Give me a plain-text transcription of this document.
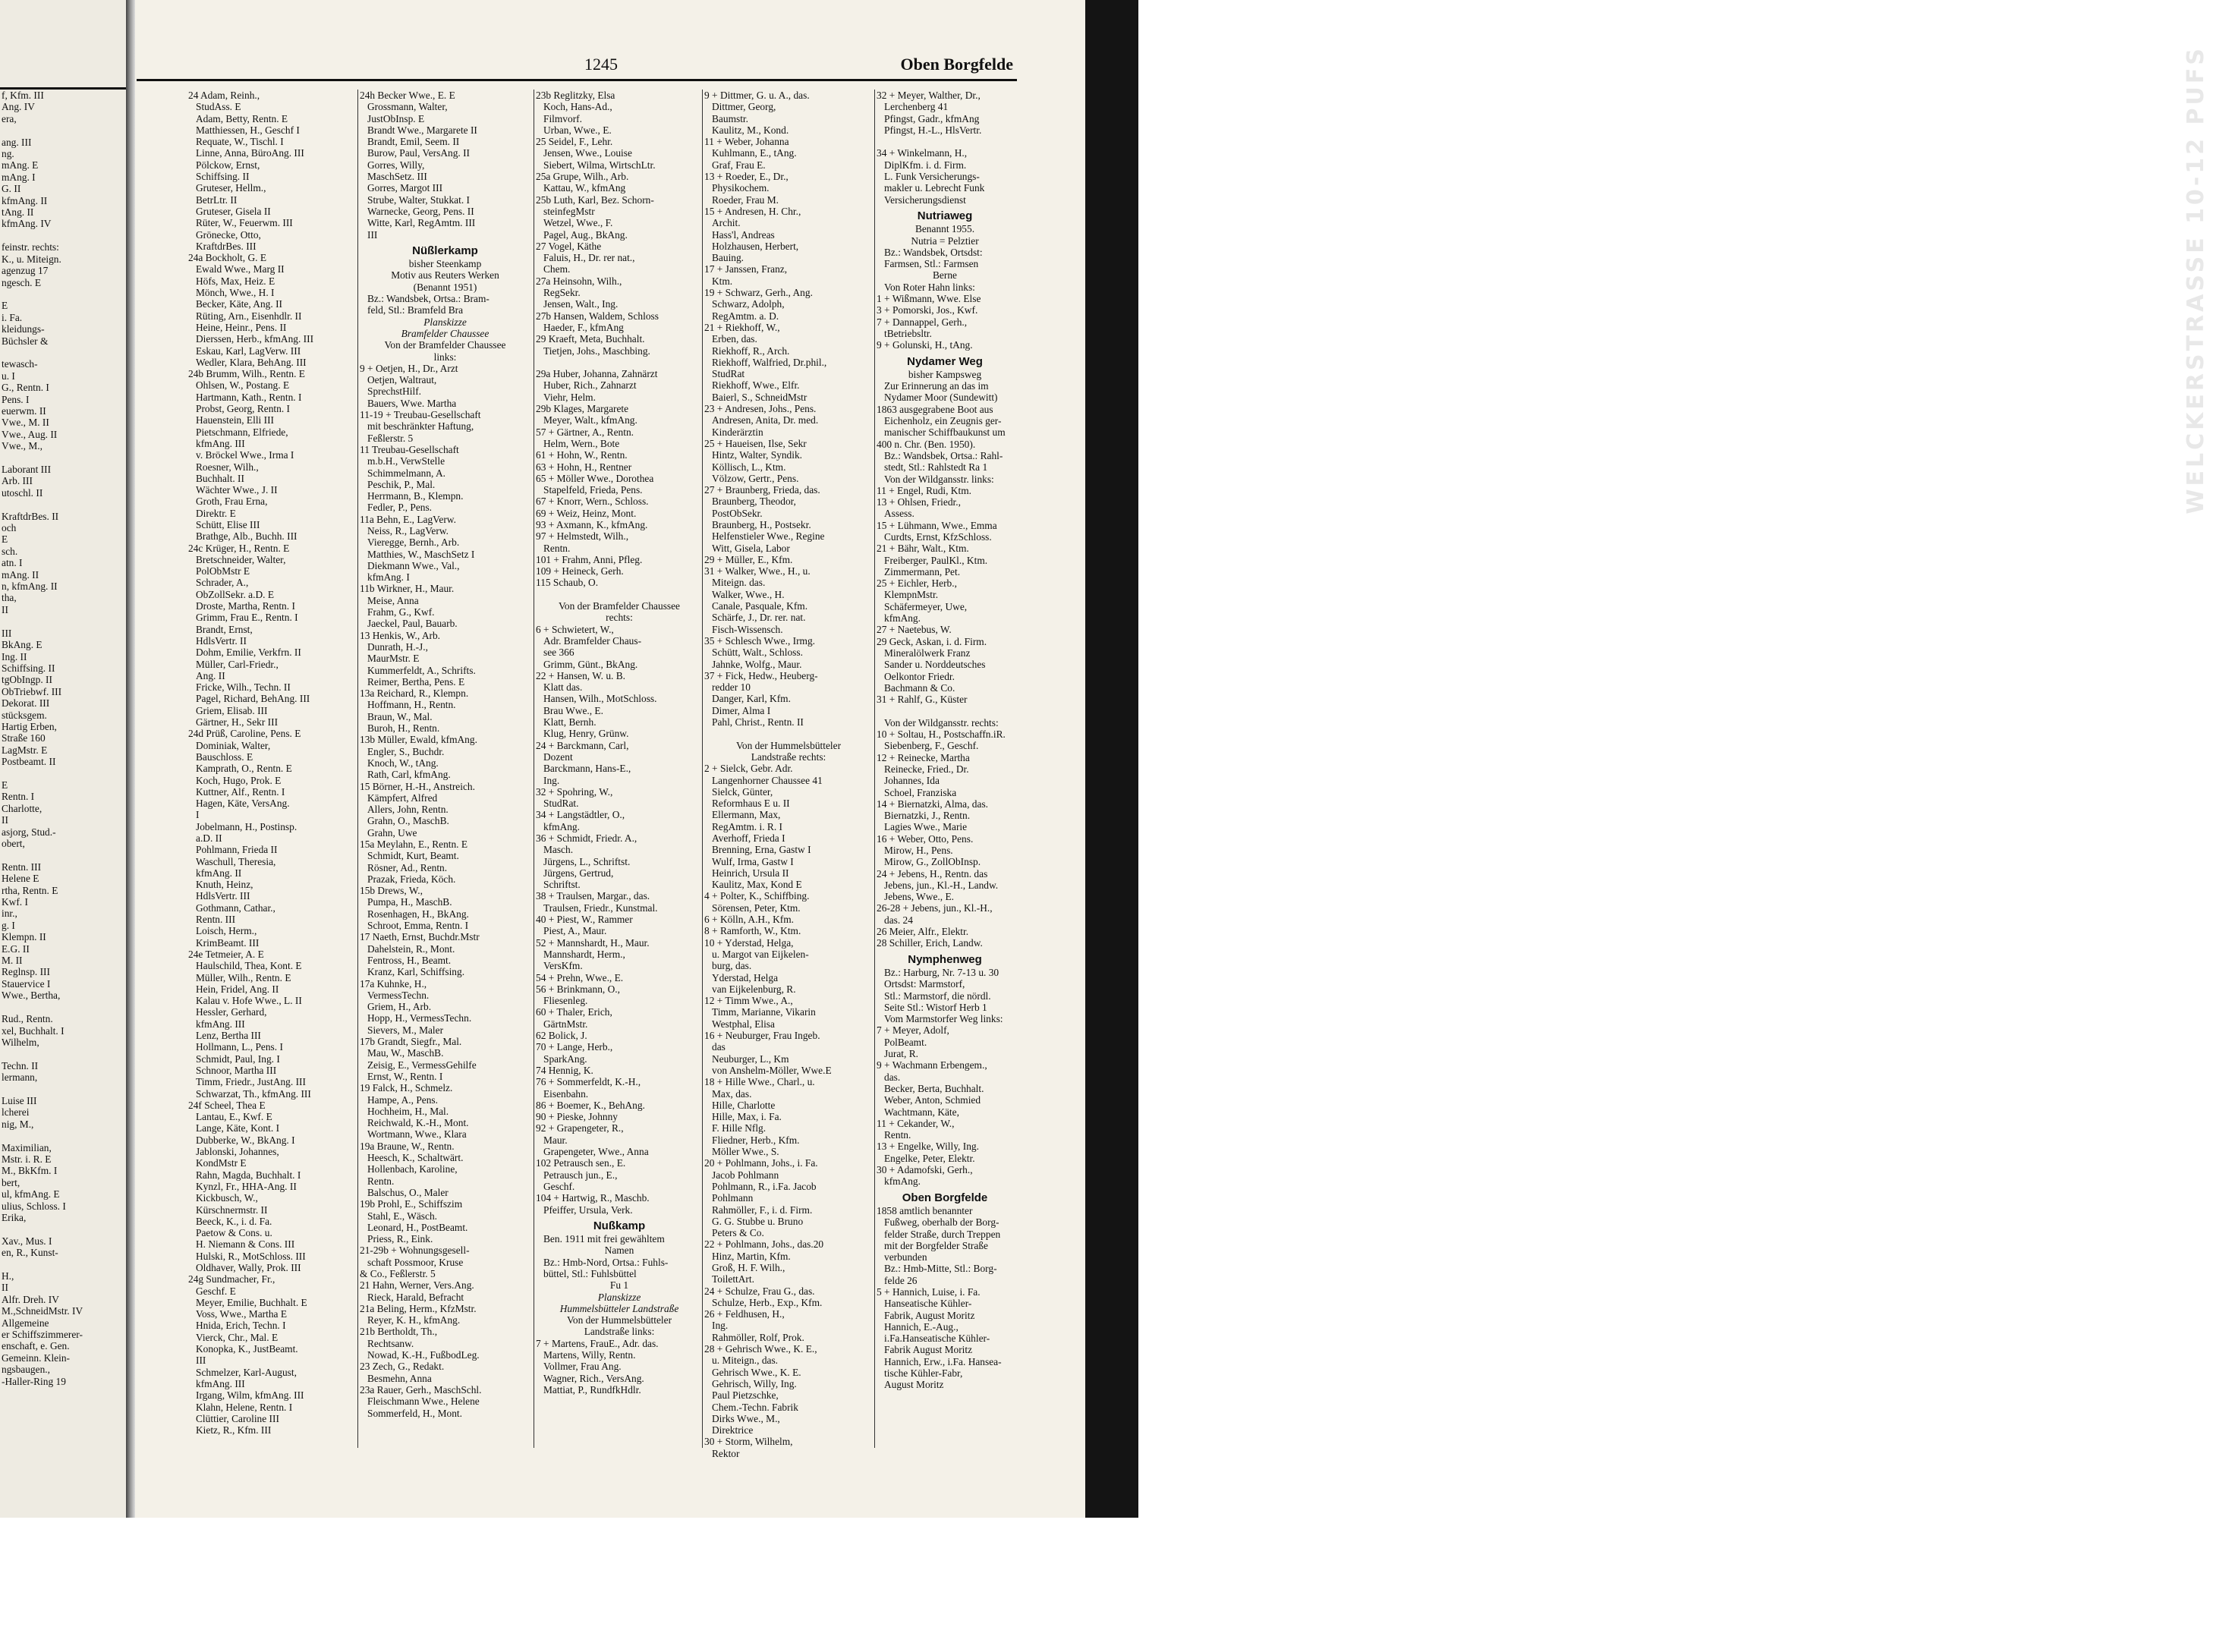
f, Kfm. III
Ang. IV
era,

ang. III
ng.
mAng. E
mAng. I
G. II
kfmAng. II
tAng. II
kfmAng. IV

feinstr. rechts:
K., u. Miteign.
agenzug 17
ngesch. E

E
i. Fa.
kleidungs-
Büchsler &

tewasch-
u. I
G., Rentn. I
Pens. I
euerwm. II
Vwe., M. II
Vwe., Aug. II
Vwe., M.,

Laborant III
Arb. III
utoschl. II

KraftdrBes. II
och
E
sch.
atn. I
mAng. II
n, kfmAng. II
tha,
II

III
BkAng. E
Ing. II
Schiffsing. II
tgObIngp. II
ObTriebwf. III
Dekorat. III
stücksgem.
Hartig Erben,
Straße 160
LagMstr. E
Postbeamt. II

E
Rentn. I
Charlotte,
II
asjorg, Stud.-
obert,

Rentn. III
Helene E
rtha, Rentn. E
Kwf. I
inr.,
g. I
Klempn. II
E.G. II
M. II
Reglnsp. III
Stauervice I
Wwe., Bertha,

Rud., Rentn.
xel, Buchhalt. I
Wilhelm,

Techn. II
lermann,

Luise III
lcherei
nig, M.,

Maximilian,
Mstr. i. R. E
M., BkKfm. I
bert,
ul, kfmAng. E
ulius, Schloss. I
Erika,

Xav., Mus. I
en, R., Kunst-

H.,
II
Alfr. Dreh. IV
M.,SchneidMstr. IV
Allgemeine
er Schiffszimmerer-
enschaft, e. Gen.
Gemeinn. Klein-
ngsbaugen.,
-Haller-Ring 19
1245	Oben Borgfelde
24 Adam, Reinh.,
StudAss. E
Adam, Betty, Rentn. E
Matthiessen, H., Geschf I
Requate, W., Tischl. I
Linne, Anna, BüroAng. III
Pölckow, Ernst,
Schiffsing. II
Gruteser, Hellm.,
BetrLtr. II
Gruteser, Gisela II
Rüter, W., Feuerwm. III
Grönecke, Otto,
KraftdrBes. III
24a Bockholt, G. E
Ewald Wwe., Marg II
Höfs, Max, Heiz. E
Mönch, Wwe., H. I
Becker, Käte, Ang. II
Rüting, Arn., Eisenhdlr. II
Heine, Heinr., Pens. II
Dierssen, Herb., kfmAng. III
Eskau, Karl, LagVerw. III
Wedler, Klara, BehAng. III
24b Brumm, Wilh., Rentn. E
Ohlsen, W., Postang. E
Hartmann, Kath., Rentn. I
Probst, Georg, Rentn. I
Hauenstein, Elli III
Pietschmann, Elfriede,
kfmAng. III
v. Bröckel Wwe., Irma I
Roesner, Wilh.,
Buchhalt. II
Wächter Wwe., J. II
Groth, Frau Erna,
Direktr. E
Schütt, Elise III
Brathge, Alb., Buchh. III
24c Krüger, H., Rentn. E
Bretschneider, Walter,
PolObMstr E
Schrader, A.,
ObZollSekr. a.D. E
Droste, Martha, Rentn. I
Grimm, Frau E., Rentn. I
Brandt, Ernst,
HdlsVertr. II
Dohm, Emilie, Verkfrn. II
Müller, Carl-Friedr.,
Ang. II
Fricke, Wilh., Techn. II
Pagel, Richard, BehAng. III
Griem, Elisab. III
Gärtner, H., Sekr III
24d Prüß, Caroline, Pens. E
Dominiak, Walter,
Bauschloss. E
Kamprath, O., Rentn. E
Koch, Hugo, Prok. E
Kuttner, Alf., Rentn. I
Hagen, Käte, VersAng.
I
Jobelmann, H., Postinsp.
a.D. II
Pohlmann, Frieda II
Waschull, Theresia,
kfmAng. II
Knuth, Heinz,
HdlsVertr. III
Gothmann, Cathar.,
Rentn. III
Loisch, Herm.,
KrimBeamt. III
24e Tetmeier, A. E
Haulschild, Thea, Kont. E
Müller, Wilh., Rentn. E
Hein, Fridel, Ang. II
Kalau v. Hofe Wwe., L. II
Hessler, Gerhard,
kfmAng. III
Lenz, Bertha III
Hollmann, L., Pens. I
Schmidt, Paul, Ing. I
Schnoor, Martha III
Timm, Friedr., JustAng. III
Schwarzat, Th., kfmAng. III
24f Scheel, Thea E
Lantau, E., Kwf. E
Lange, Käte, Kont. I
Dubberke, W., BkAng. I
Jablonski, Johannes,
KondMstr E
Rahn, Magda, Buchhalt. I
Kynzl, Fr., HHA-Ang. II
Kickbusch, W.,
Kürschnermstr. II
Beeck, K., i. d. Fa.
Paetow & Cons. u.
H. Niemann & Cons. III
Hulski, R., MotSchloss. III
Oldhaver, Wally, Prok. III
24g Sundmacher, Fr.,
Geschf. E
Meyer, Emilie, Buchhalt. E
Voss, Wwe., Martha E
Hnida, Erich, Techn. I
Vierck, Chr., Mal. E
Konopka, K., JustBeamt.
III
Schmelzer, Karl-August,
kfmAng. III
Irgang, Wilm, kfmAng. III
Klahn, Helene, Rentn. I
Clüttier, Caroline III
Kietz, R., Kfm. III
24h Becker Wwe., E. E
Grossmann, Walter,
JustObInsp. E
Brandt Wwe., Margarete II
Brandt, Emil, Seem. II
Burow, Paul, VersAng. II
Gorres, Willy,
MaschSetz. III
Gorres, Margot III
Strube, Walter, Stukkat. I
Warnecke, Georg, Pens. II
Witte, Karl, RegAmtm. III
III
Nüßlerkamp
bisher Steenkamp
Motiv aus Reuters Werken
(Benannt 1951)
Bz.: Wandsbek, Ortsa.: Bram-
feld, Stl.: Bramfeld Bra
Planskizze
Bramfelder Chaussee
Von der Bramfelder Chaussee
links:
9 + Oetjen, H., Dr., Arzt
Oetjen, Waltraut,
SprechstHilf.
Bauers, Wwe. Martha
11-19 + Treubau-Gesellschaft
mit beschränkter Haftung,
Feßlerstr. 5
11 Treubau-Gesellschaft
m.b.H., VerwStelle
Schimmelmann, A.
Peschik, P., Mal.
Herrmann, B., Klempn.
Fedler, P., Pens.
11a Behn, E., LagVerw.
Neiss, R., LagVerw.
Vieregge, Bernh., Arb.
Matthies, W., MaschSetz I
Diekmann Wwe., Val.,
kfmAng. I
11b Wirkner, H., Maur.
Meise, Anna
Frahm, G., Kwf.
Jaeckel, Paul, Bauarb.
13 Henkis, W., Arb.
Dunrath, H.-J.,
MaurMstr. E
Kummerfeldt, A., Schrifts.
Reimer, Bertha, Pens. E
13a Reichard, R., Klempn.
Hoffmann, H., Rentn.
Braun, W., Mal.
Buroh, H., Rentn.
13b Müller, Ewald, kfmAng.
Engler, S., Buchdr.
Knoch, W., tAng.
Rath, Carl, kfmAng.
15 Börner, H.-H., Anstreich.
Kämpfert, Alfred
Allers, John, Rentn.
Grahn, O., MaschB.
Grahn, Uwe
15a Meylahn, E., Rentn. E
Schmidt, Kurt, Beamt.
Rösner, Ad., Rentn.
Prazak, Frieda, Köch.
15b Drews, W.,
Pumpa, H., MaschB.
Rosenhagen, H., BkAng.
Schroot, Emma, Rentn. I
17 Naeth, Ernst, Buchdr.Mstr
Dahelstein, R., Mont.
Fentross, H., Beamt.
Kranz, Karl, Schiffsing.
17a Kuhnke, H.,
VermessTechn.
Griem, H., Arb.
Hopp, H., VermessTechn.
Sievers, M., Maler
17b Grandt, Siegfr., Mal.
Mau, W., MaschB.
Zeisig, E., VermessGehilfe
Ernst, W., Rentn. I
19 Falck, H., Schmelz.
Hampe, A., Pens.
Hochheim, H., Mal.
Reichwald, K.-H., Mont.
Wortmann, Wwe., Klara
19a Braune, W., Rentn.
Heesch, K., Schaltwärt.
Hollenbach, Karoline,
Rentn.
Balschus, O., Maler
19b Prohl, E., Schiffszim
Stahl, E., Wäsch.
Leonard, H., PostBeamt.
Priess, R., Eink.
21-29b + Wohnungsgesell-
schaft Possmoor, Kruse
& Co., Feßlerstr. 5
21 Hahn, Werner, Vers.Ang.
Rieck, Harald, Befracht
21a Beling, Herm., KfzMstr.
Reyer, K. H., kfmAng.
21b Bertholdt, Th.,
Rechtsanw.
Nowad, K.-H., FußbodLeg.
23 Zech, G., Redakt.
Besmehn, Anna
23a Rauer, Gerh., MaschSchl.
Fleischmann Wwe., Helene
Sommerfeld, H., Mont.
23b Reglitzky, Elsa
Koch, Hans-Ad.,
Filmvorf.
Urban, Wwe., E.
25 Seidel, F., Lehr.
Jensen, Wwe., Louise
Siebert, Wilma, WirtschLtr.
25a Grupe, Wilh., Arb.
Kattau, W., kfmAng
25b Luth, Karl, Bez. Schorn-
steinfegMstr
Wetzel, Wwe., F.
Pagel, Aug., BkAng.
27 Vogel, Käthe
Faluis, H., Dr. rer nat.,
Chem.
27a Heinsohn, Wilh.,
RegSekr.
Jensen, Walt., Ing.
27b Hansen, Waldem, Schloss
Haeder, F., kfmAng
29 Kraeft, Meta, Buchhalt.
Tietjen, Johs., Maschbing.

29a Huber, Johanna, Zahnärzt
Huber, Rich., Zahnarzt
Viehr, Helm.
29b Klages, Margarete
Meyer, Walt., kfmAng.
57 + Gärtner, A., Rentn.
Helm, Wern., Bote
61 + Hohn, W., Rentn.
63 + Hohn, H., Rentner
65 + Möller Wwe., Dorothea
Stapelfeld, Frieda, Pens.
67 + Knorr, Wern., Schloss.
69 + Weiz, Heinz, Mont.
93 + Axmann, K., kfmAng.
97 + Helmstedt, Wilh.,
Rentn.
101 + Frahm, Anni, Pfleg.
109 + Heineck, Gerh.
115 Schaub, O.

Von der Bramfelder Chaussee
rechts:
6 + Schwietert, W.,
Adr. Bramfelder Chaus-
see 366
Grimm, Günt., BkAng.
22 + Hansen, W. u. B.
Klatt das.
Hansen, Wilh., MotSchloss.
Brau Wwe., E.
Klatt, Bernh.
Klug, Henry, Grünw.
24 + Barckmann, Carl,
Dozent
Barckmann, Hans-E.,
Ing.
32 + Spohring, W.,
StudRat.
34 + Langstädtler, O.,
kfmAng.
36 + Schmidt, Friedr. A.,
Masch.
Jürgens, L., Schriftst.
Jürgens, Gertrud,
Schriftst.
38 + Traulsen, Margar., das.
Traulsen, Friedr., Kunstmal.
40 + Piest, W., Rammer
Piest, A., Maur.
52 + Mannshardt, H., Maur.
Mannshardt, Herm.,
VersKfm.
54 + Prehn, Wwe., E.
56 + Brinkmann, O.,
Fliesenleg.
60 + Thaler, Erich,
GärtnMstr.
62 Bolick, J.
70 + Lange, Herb.,
SparkAng.
74 Hennig, K.
76 + Sommerfeldt, K.-H.,
Eisenbahn.
86 + Boemer, K., BehAng.
90 + Pieske, Johnny
92 + Grapengeter, R.,
Maur.
Grapengeter, Wwe., Anna
102 Petrausch sen., E.
Petrausch jun., E.,
Geschf.
104 + Hartwig, R., Maschb.
Pfeiffer, Ursula, Verk.
Nußkamp
Ben. 1911 mit frei gewähltem
Namen
Bz.: Hmb-Nord, Ortsa.: Fuhls-
büttel, Stl.: Fuhlsbüttel
Fu 1
Planskizze
Hummelsbütteler Landstraße
Von der Hummelsbütteler
Landstraße links:
7 + Martens, FrauE., Adr. das.
Martens, Willy, Rentn.
Vollmer, Frau Ang.
Wagner, Rich., VersAng.
Mattiat, P., RundfkHdlr.
9 + Dittmer, G. u. A., das.
Dittmer, Georg,
Baumstr.
Kaulitz, M., Kond.
11 + Weber, Johanna
Kuhlmann, E., tAng.
Graf, Frau E.
13 + Roeder, E., Dr.,
Physikochem.
Roeder, Frau M.
15 + Andresen, H. Chr.,
Archit.
Hass'l, Andreas
Holzhausen, Herbert,
Bauing.
17 + Janssen, Franz,
Ktm.
19 + Schwarz, Gerh., Ang.
Schwarz, Adolph,
RegAmtm. a. D.
21 + Riekhoff, W.,
Erben, das.
Riekhoff, R., Arch.
Riekhoff, Walfried, Dr.phil.,
StudRat
Riekhoff, Wwe., Elfr.
Baierl, S., SchneidMstr
23 + Andresen, Johs., Pens.
Andresen, Anita, Dr. med.
Kinderärztin
25 + Haueisen, Ilse, Sekr
Hintz, Walter, Syndik.
Köllisch, L., Ktm.
Völzow, Gertr., Pens.
27 + Braunberg, Frieda, das.
Braunberg, Theodor,
PostObSekr.
Braunberg, H., Postsekr.
Helfenstieler Wwe., Regine
Witt, Gisela, Labor
29 + Müller, E., Kfm.
31 + Walker, Wwe., H., u.
Miteign. das.
Walker, Wwe., H.
Canale, Pasquale, Kfm.
Schärfe, J., Dr. rer. nat.
Fisch-Wissensch.
35 + Schlesch Wwe., Irmg.
Schütt, Walt., Schloss.
Jahnke, Wolfg., Maur.
37 + Fick, Hedw., Heuberg-
redder 10
Danger, Karl, Kfm.
Dimer, Alma I
Pahl, Christ., Rentn. II

Von der Hummelsbütteler
Landstraße rechts:
2 + Sielck, Gebr. Adr.
Langenhorner Chaussee 41
Sielck, Günter,
Reformhaus E u. II
Ellermann, Max,
RegAmtm. i. R. I
Averhoff, Frieda I
Brenning, Erna, Gastw I
Wulf, Irma, Gastw I
Heinrich, Ursula II
Kaulitz, Max, Kond E
4 + Polter, K., Schiffbing.
Sörensen, Peter, Ktm.
6 + Kölln, A.H., Kfm.
8 + Ramforth, W., Ktm.
10 + Yderstad, Helga,
u. Margot van Eijkelen-
burg, das.
Yderstad, Helga
van Eijkelenburg, R.
12 + Timm Wwe., A.,
Timm, Marianne, Vikarin
Westphal, Elisa
16 + Neuburger, Frau Ingeb.
das
Neuburger, L., Km
von Anshelm-Möller, Wwe.E
18 + Hille Wwe., Charl., u.
Max, das.
Hille, Charlotte
Hille, Max, i. Fa.
F. Hille Nflg.
Fliedner, Herb., Kfm.
Möller Wwe., S.
20 + Pohlmann, Johs., i. Fa.
Jacob Pohlmann
Pohlmann, R., i.Fa. Jacob
Pohlmann
Rahmöller, F., i. d. Firm.
G. G. Stubbe u. Bruno
Peters & Co.
22 + Pohlmann, Johs., das.20
Hinz, Martin, Kfm.
Groß, H. F. Wilh.,
ToilettArt.
24 + Schulze, Frau G., das.
Schulze, Herb., Exp., Kfm.
26 + Feldhusen, H.,
Ing.
Rahmöller, Rolf, Prok.
28 + Gehrisch Wwe., K. E.,
u. Miteign., das.
Gehrisch Wwe., K. E.
Gehrisch, Willy, Ing.
Paul Pietzschke,
Chem.-Techn. Fabrik
Dirks Wwe., M.,
Direktrice
30 + Storm, Wilhelm,
Rektor
32 + Meyer, Walther, Dr.,
Lerchenberg 41
Pfingst, Gadr., kfmAng
Pfingst, H.-L., HlsVertr.

34 + Winkelmann, H.,
DiplKfm. i. d. Firm.
L. Funk Versicherungs-
makler u. Lebrecht Funk
Versicherungsdienst
Nutriaweg
Benannt 1955.
Nutria = Pelztier
Bz.: Wandsbek, Ortsdst:
Farmsen, Stl.: Farmsen
Berne
Von Roter Hahn links:
1 + Wißmann, Wwe. Else
3 + Pomorski, Jos., Kwf.
7 + Dannappel, Gerh.,
tBetriebsltr.
9 + Golunski, H., tAng.
Nydamer Weg
bisher Kampsweg
Zur Erinnerung an das im
Nydamer Moor (Sundewitt)
1863 ausgegrabene Boot aus
Eichenholz, ein Zeugnis ger-
manischer Schiffbaukunst um
400 n. Chr. (Ben. 1950).
Bz.: Wandsbek, Ortsa.: Rahl-
stedt, Stl.: Rahlstedt Ra 1
Von der Wildgansstr. links:
11 + Engel, Rudi, Ktm.
13 + Ohlsen, Friedr.,
Assess.
15 + Lühmann, Wwe., Emma
Curdts, Ernst, KfzSchloss.
21 + Bähr, Walt., Ktm.
Freiberger, PaulKl., Ktm.
Zimmermann, Pet.
25 + Eichler, Herb.,
KlempnMstr.
Schäfermeyer, Uwe,
kfmAng.
27 + Naetebus, W.
29 Geck, Askan, i. d. Firm.
Mineralölwerk Franz
Sander u. Norddeutsches
Oelkontor Friedr.
Bachmann & Co.
31 + Rahlf, G., Küster

Von der Wildgansstr. rechts:
10 + Soltau, H., Postschaffn.iR.
Siebenberg, F., Geschf.
12 + Reinecke, Martha
Reinecke, Fried., Dr.
Johannes, Ida
Schoel, Franziska
14 + Biernatzki, Alma, das.
Biernatzki, J., Rentn.
Lagies Wwe., Marie
16 + Weber, Otto, Pens.
Mirow, H., Pens.
Mirow, G., ZollObInsp.
24 + Jebens, H., Rentn. das
Jebens, jun., Kl.-H., Landw.
Jebens, Wwe., E.
26-28 + Jebens, jun., Kl.-H.,
das. 24
26 Meier, Alfr., Elektr.
28 Schiller, Erich, Landw.
Nymphenweg
Bz.: Harburg, Nr. 7-13 u. 30
Ortsdst: Marmstorf,
Stl.: Marmstorf, die nördl.
Seite Stl.: Wistorf Herb 1
Vom Marmstorfer Weg links:
7 + Meyer, Adolf,
PolBeamt.
Jurat, R.
9 + Wachmann Erbengem.,
das.
Becker, Berta, Buchhalt.
Weber, Anton, Schmied
Wachtmann, Käte,
11 + Cekander, W.,
Rentn.
13 + Engelke, Willy, Ing.
Engelke, Peter, Elektr.
30 + Adamofski, Gerh.,
kfmAng.
Oben Borgfelde
1858 amtlich benannter
Fußweg, oberhalb der Borg-
felder Straße, durch Treppen
mit der Borgfelder Straße
verbunden
Bz.: Hmb-Mitte, Stl.: Borg-
felde 26
5 + Hannich, Luise, i. Fa.
Hanseatische Kühler-
Fabrik, August Moritz
Hannich, E.-Aug.,
i.Fa.Hanseatische Kühler-
Fabrik August Moritz
Hannich, Erw., i.Fa. Hansea-
tische Kühler-Fabr,
August Moritz
WELCKERSTRASSE 10-12 PUFS
